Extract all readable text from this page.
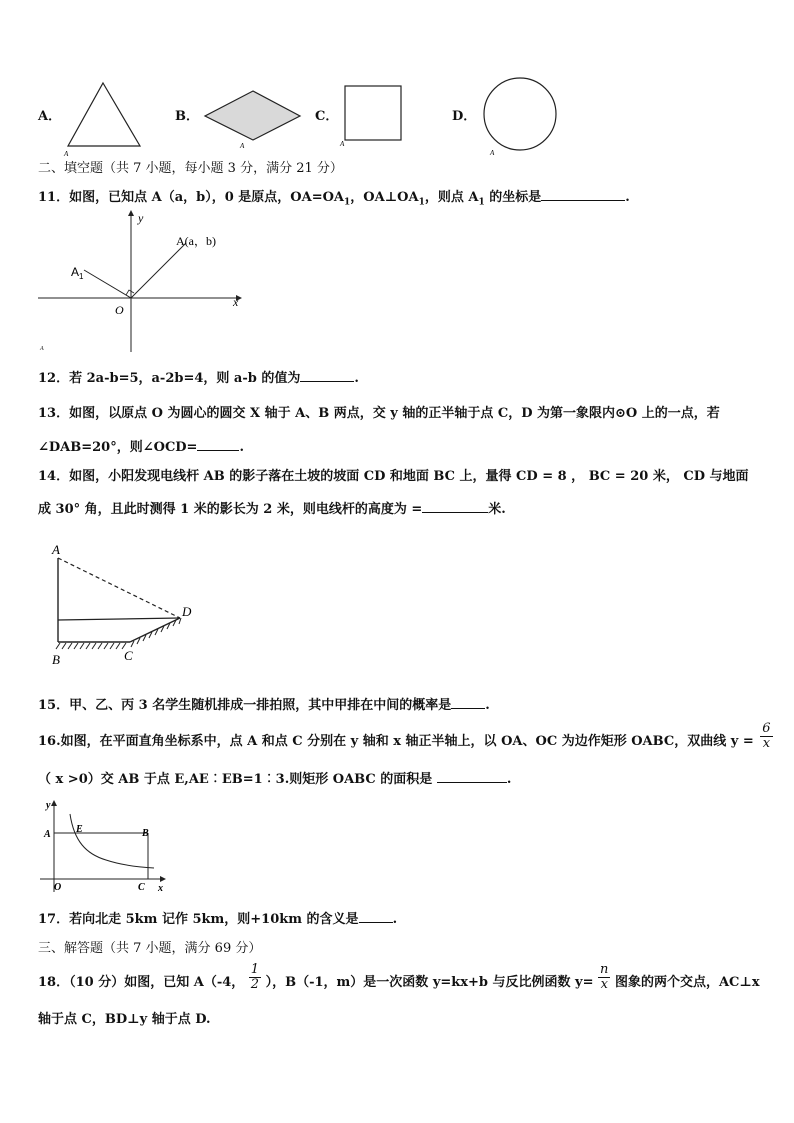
A．
A
B．
A
C．
A
D．
A
二、填空题（共 7 小题，每小题 3 分，满分 21 分）
11．如图，已知点 A（a，b），0 是原点，$OA=OA_1$，$OA\perp OA_1$，则点 $A_1$ 的坐标是	.
y
x
O
A(a，b)
$A_1$
A
12．若 2a-b=5，a-2b=4，则 a-b 的值为	.
13．如图，以原点 O 为圆心的圆交 X 轴于 A、B 两点，交 y 轴的正半轴于点 C，D 为第一象限内⊙O 上的一点，若
∠DAB=20°，则∠OCD=	.
14．如图，小阳发现电线杆 AB 的影子落在土坡的坡面 CD 和地面 BC 上，量得 CD = 8 ， BC = 20 米， CD 与地面
成 30° 角，且此时测得 1 米的影长为 2 米，则电线杆的高度为 =	米.
A
D
B	C
15．甲、乙、丙 3 名学生随机排成一排拍照，其中甲排在中间的概率是	.
16.如图，在平面直角坐标系中，点 A 和点 C 分别在 y 轴和 x 轴正半轴上，以 OA、OC 为边作矩形 OABC，双曲线 $y = \frac{6}{x}$
（ x >0）交 AB 于点 E,AE︰EB=1︰3.则矩形 OABC 的面积是	.
y
x
A	E	B
O	C
17．若向北走 5km 记作 5km，则+10km 的含义是	.
三、解答题（共 7 小题，满分 69 分）
18．（10 分）如图，已知 A（-4， $\frac{1}{2}$ ），B（-1，m）是一次函数 y=kx+b 与反比例函数 $y= \frac{n}{x}$ 图象的两个交点，AC⊥x
轴于点 C，BD⊥y 轴于点 D.
